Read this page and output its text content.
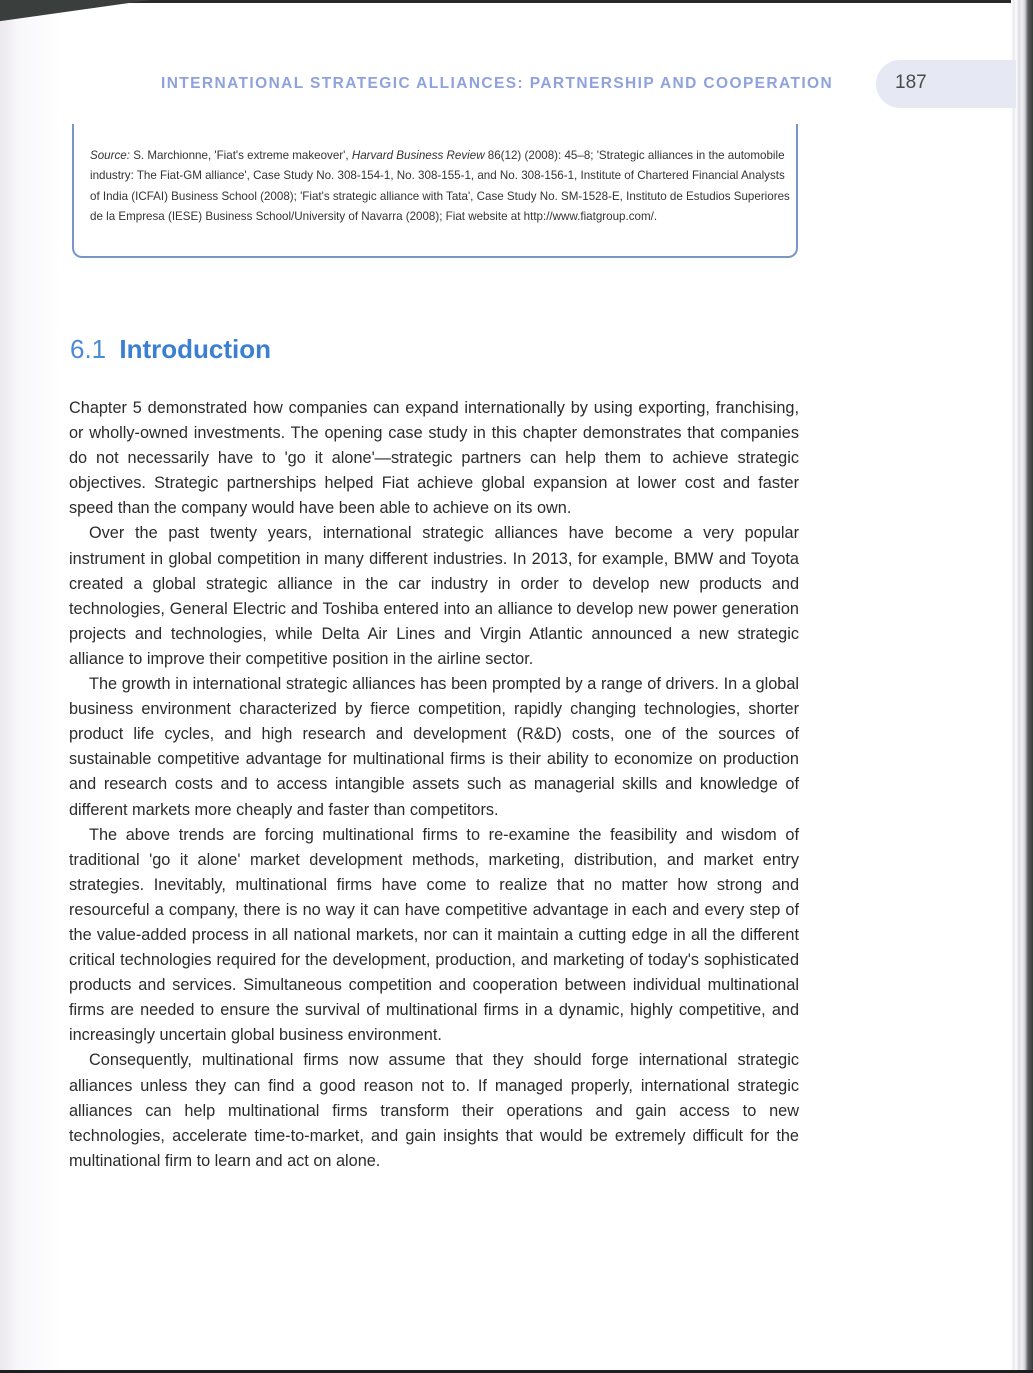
INTERNATIONAL STRATEGIC ALLIANCES: PARTNERSHIP AND COOPERATION	187
Source: S. Marchionne, 'Fiat's extreme makeover', Harvard Business Review 86(12) (2008): 45–8; 'Strategic alliances in the automobile industry: The Fiat-GM alliance', Case Study No. 308-154-1, No. 308-155-1, and No. 308-156-1, Institute of Chartered Financial Analysts of India (ICFAI) Business School (2008); 'Fiat's strategic alliance with Tata', Case Study No. SM-1528-E, Instituto de Estudios Superiores de la Empresa (IESE) Business School/University of Navarra (2008); Fiat website at http://www.fiatgroup.com/.
6.1 Introduction

Chapter 5 demonstrated how companies can expand internationally by using exporting, franchising, or wholly-owned investments. The opening case study in this chapter demonstrates that companies do not necessarily have to 'go it alone'—strategic partners can help them to achieve strategic objectives. Strategic partnerships helped Fiat achieve global expansion at lower cost and faster speed than the company would have been able to achieve on its own.

Over the past twenty years, international strategic alliances have become a very popular instrument in global competition in many different industries. In 2013, for example, BMW and Toyota created a global strategic alliance in the car industry in order to develop new products and technologies, General Electric and Toshiba entered into an alliance to develop new power generation projects and technologies, while Delta Air Lines and Virgin Atlantic announced a new strategic alliance to improve their competitive position in the airline sector.

The growth in international strategic alliances has been prompted by a range of drivers. In a global business environment characterized by fierce competition, rapidly changing technologies, shorter product life cycles, and high research and development (R&D) costs, one of the sources of sustainable competitive advantage for multinational firms is their ability to economize on production and research costs and to access intangible assets such as managerial skills and knowledge of different markets more cheaply and faster than competitors.

The above trends are forcing multinational firms to re-examine the feasibility and wisdom of traditional 'go it alone' market development methods, marketing, distribution, and market entry strategies. Inevitably, multinational firms have come to realize that no matter how strong and resourceful a company, there is no way it can have competitive advantage in each and every step of the value-added process in all national markets, nor can it maintain a cutting edge in all the different critical technologies required for the development, production, and marketing of today's sophisticated products and services. Simultaneous competition and cooperation between individual multinational firms are needed to ensure the survival of multinational firms in a dynamic, highly competitive, and increasingly uncertain global business environment.

Consequently, multinational firms now assume that they should forge international strategic alliances unless they can find a good reason not to. If managed properly, international strategic alliances can help multinational firms transform their operations and gain access to new technologies, accelerate time-to-market, and gain insights that would be extremely difficult for the multinational firm to learn and act on alone.
